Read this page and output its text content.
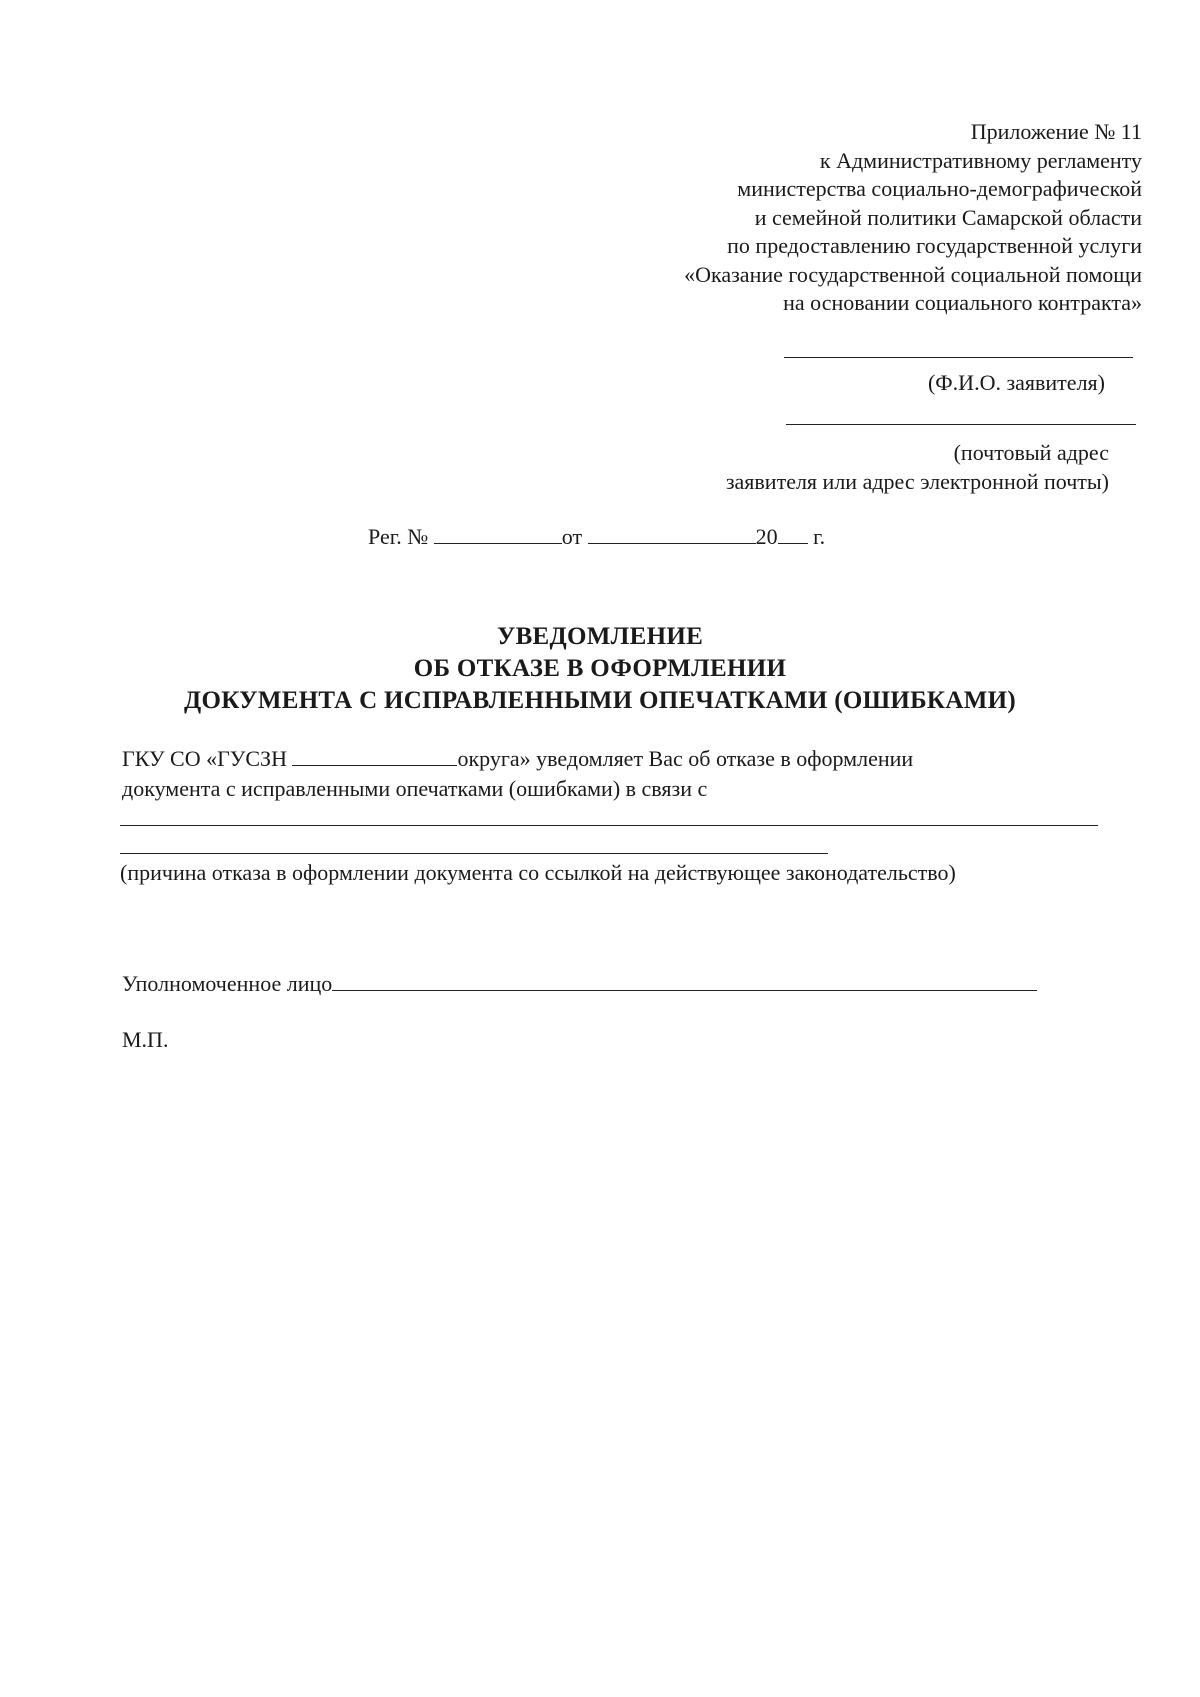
Приложение № 11
к Административному регламенту
министерства социально-демографической
и семейной политики Самарской области
по предоставлению государственной услуги
«Оказание государственной социальной помощи
на основании социального контракта»
(Ф.И.О. заявителя)
(почтовый адрес
заявителя или адрес электронной почты)
Рег. №	от	20 г.
УВЕДОМЛЕНИЕ
ОБ ОТКАЗЕ В ОФОРМЛЕНИИ
ДОКУМЕНТА С ИСПРАВЛЕННЫМИ ОПЕЧАТКАМИ (ОШИБКАМИ)
ГКУ СО «ГУСЗН	округа» уведомляет Вас об отказе в оформлении
документа с исправленными опечатками (ошибками) в связи с
(причина отказа в оформлении документа со ссылкой на действующее законодательство)
Уполномоченное лицо
М.П.
